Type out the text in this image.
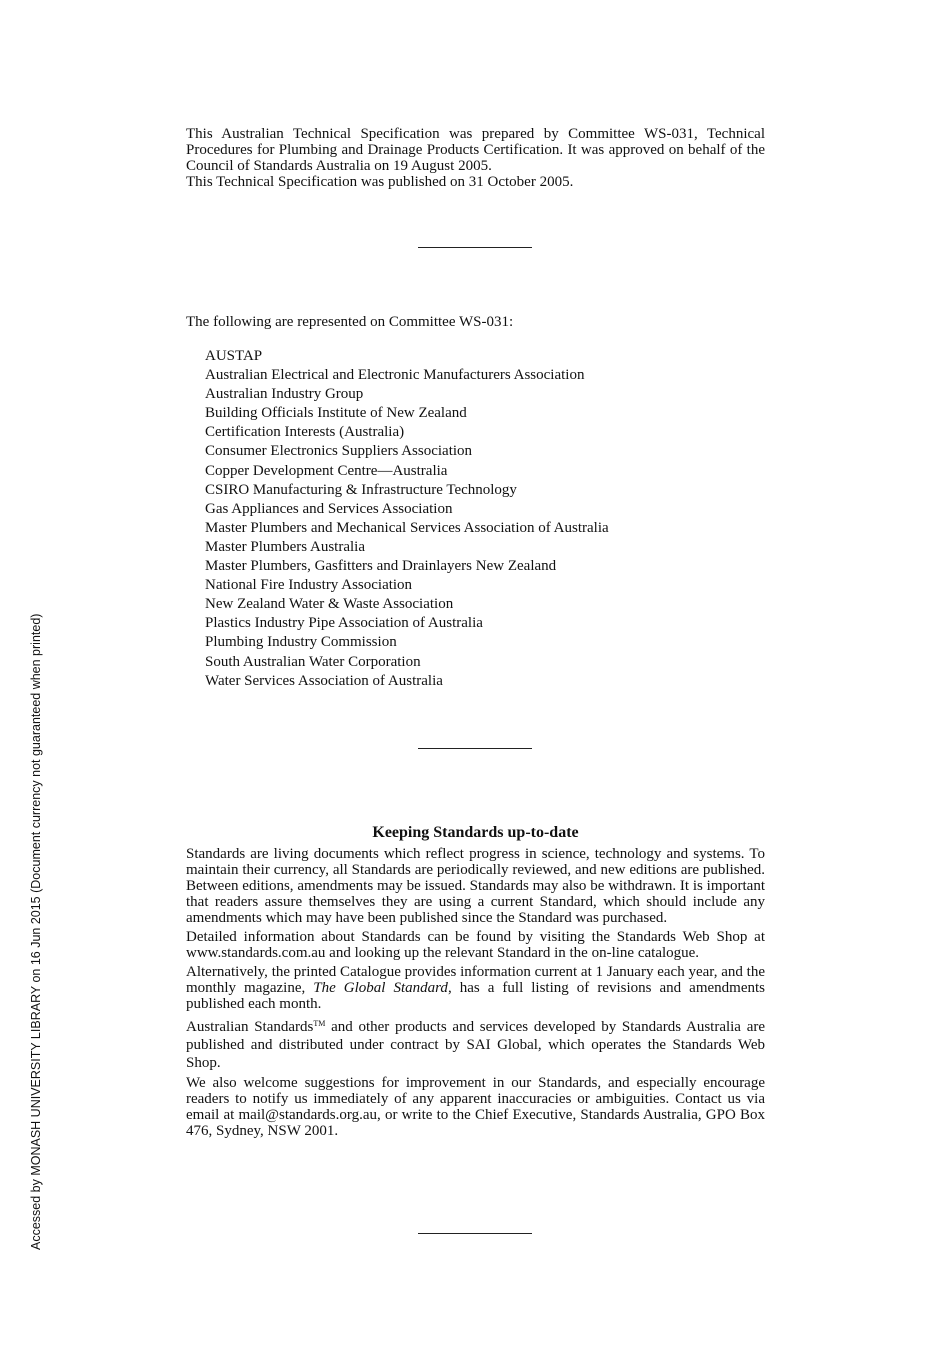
This Australian Technical Specification was prepared by Committee WS-031, Technical Procedures for Plumbing and Drainage Products Certification. It was approved on behalf of the Council of Standards Australia on 19 August 2005.

This Technical Specification was published on 31 October 2005.

The following are represented on Committee WS-031:

AUSTAP
Australian Electrical and Electronic Manufacturers Association
Australian Industry Group
Building Officials Institute of New Zealand
Certification Interests (Australia)
Consumer Electronics Suppliers Association
Copper Development Centre—Australia
CSIRO Manufacturing & Infrastructure Technology
Gas Appliances and Services Association
Master Plumbers and Mechanical Services Association of Australia
Master Plumbers Australia
Master Plumbers, Gasfitters and Drainlayers New Zealand
National Fire Industry Association
New Zealand Water & Waste Association
Plastics Industry Pipe Association of Australia
Plumbing Industry Commission
South Australian Water Corporation
Water Services Association of Australia
Keeping Standards up-to-date

Standards are living documents which reflect progress in science, technology and systems. To maintain their currency, all Standards are periodically reviewed, and new editions are published. Between editions, amendments may be issued. Standards may also be withdrawn. It is important that readers assure themselves they are using a current Standard, which should include any amendments which may have been published since the Standard was purchased.

Detailed information about Standards can be found by visiting the Standards Web Shop at www.standards.com.au and looking up the relevant Standard in the on-line catalogue.

Alternatively, the printed Catalogue provides information current at 1 January each year, and the monthly magazine, The Global Standard, has a full listing of revisions and amendments published each month.

Australian Standards™ and other products and services developed by Standards Australia are published and distributed under contract by SAI Global, which operates the Standards Web Shop.

We also welcome suggestions for improvement in our Standards, and especially encourage readers to notify us immediately of any apparent inaccuracies or ambiguities. Contact us via email at mail@standards.org.au, or write to the Chief Executive, Standards Australia, GPO Box 476, Sydney, NSW 2001.

Accessed by MONASH UNIVERSITY LIBRARY on 16 Jun 2015 (Document currency not guaranteed when printed)
